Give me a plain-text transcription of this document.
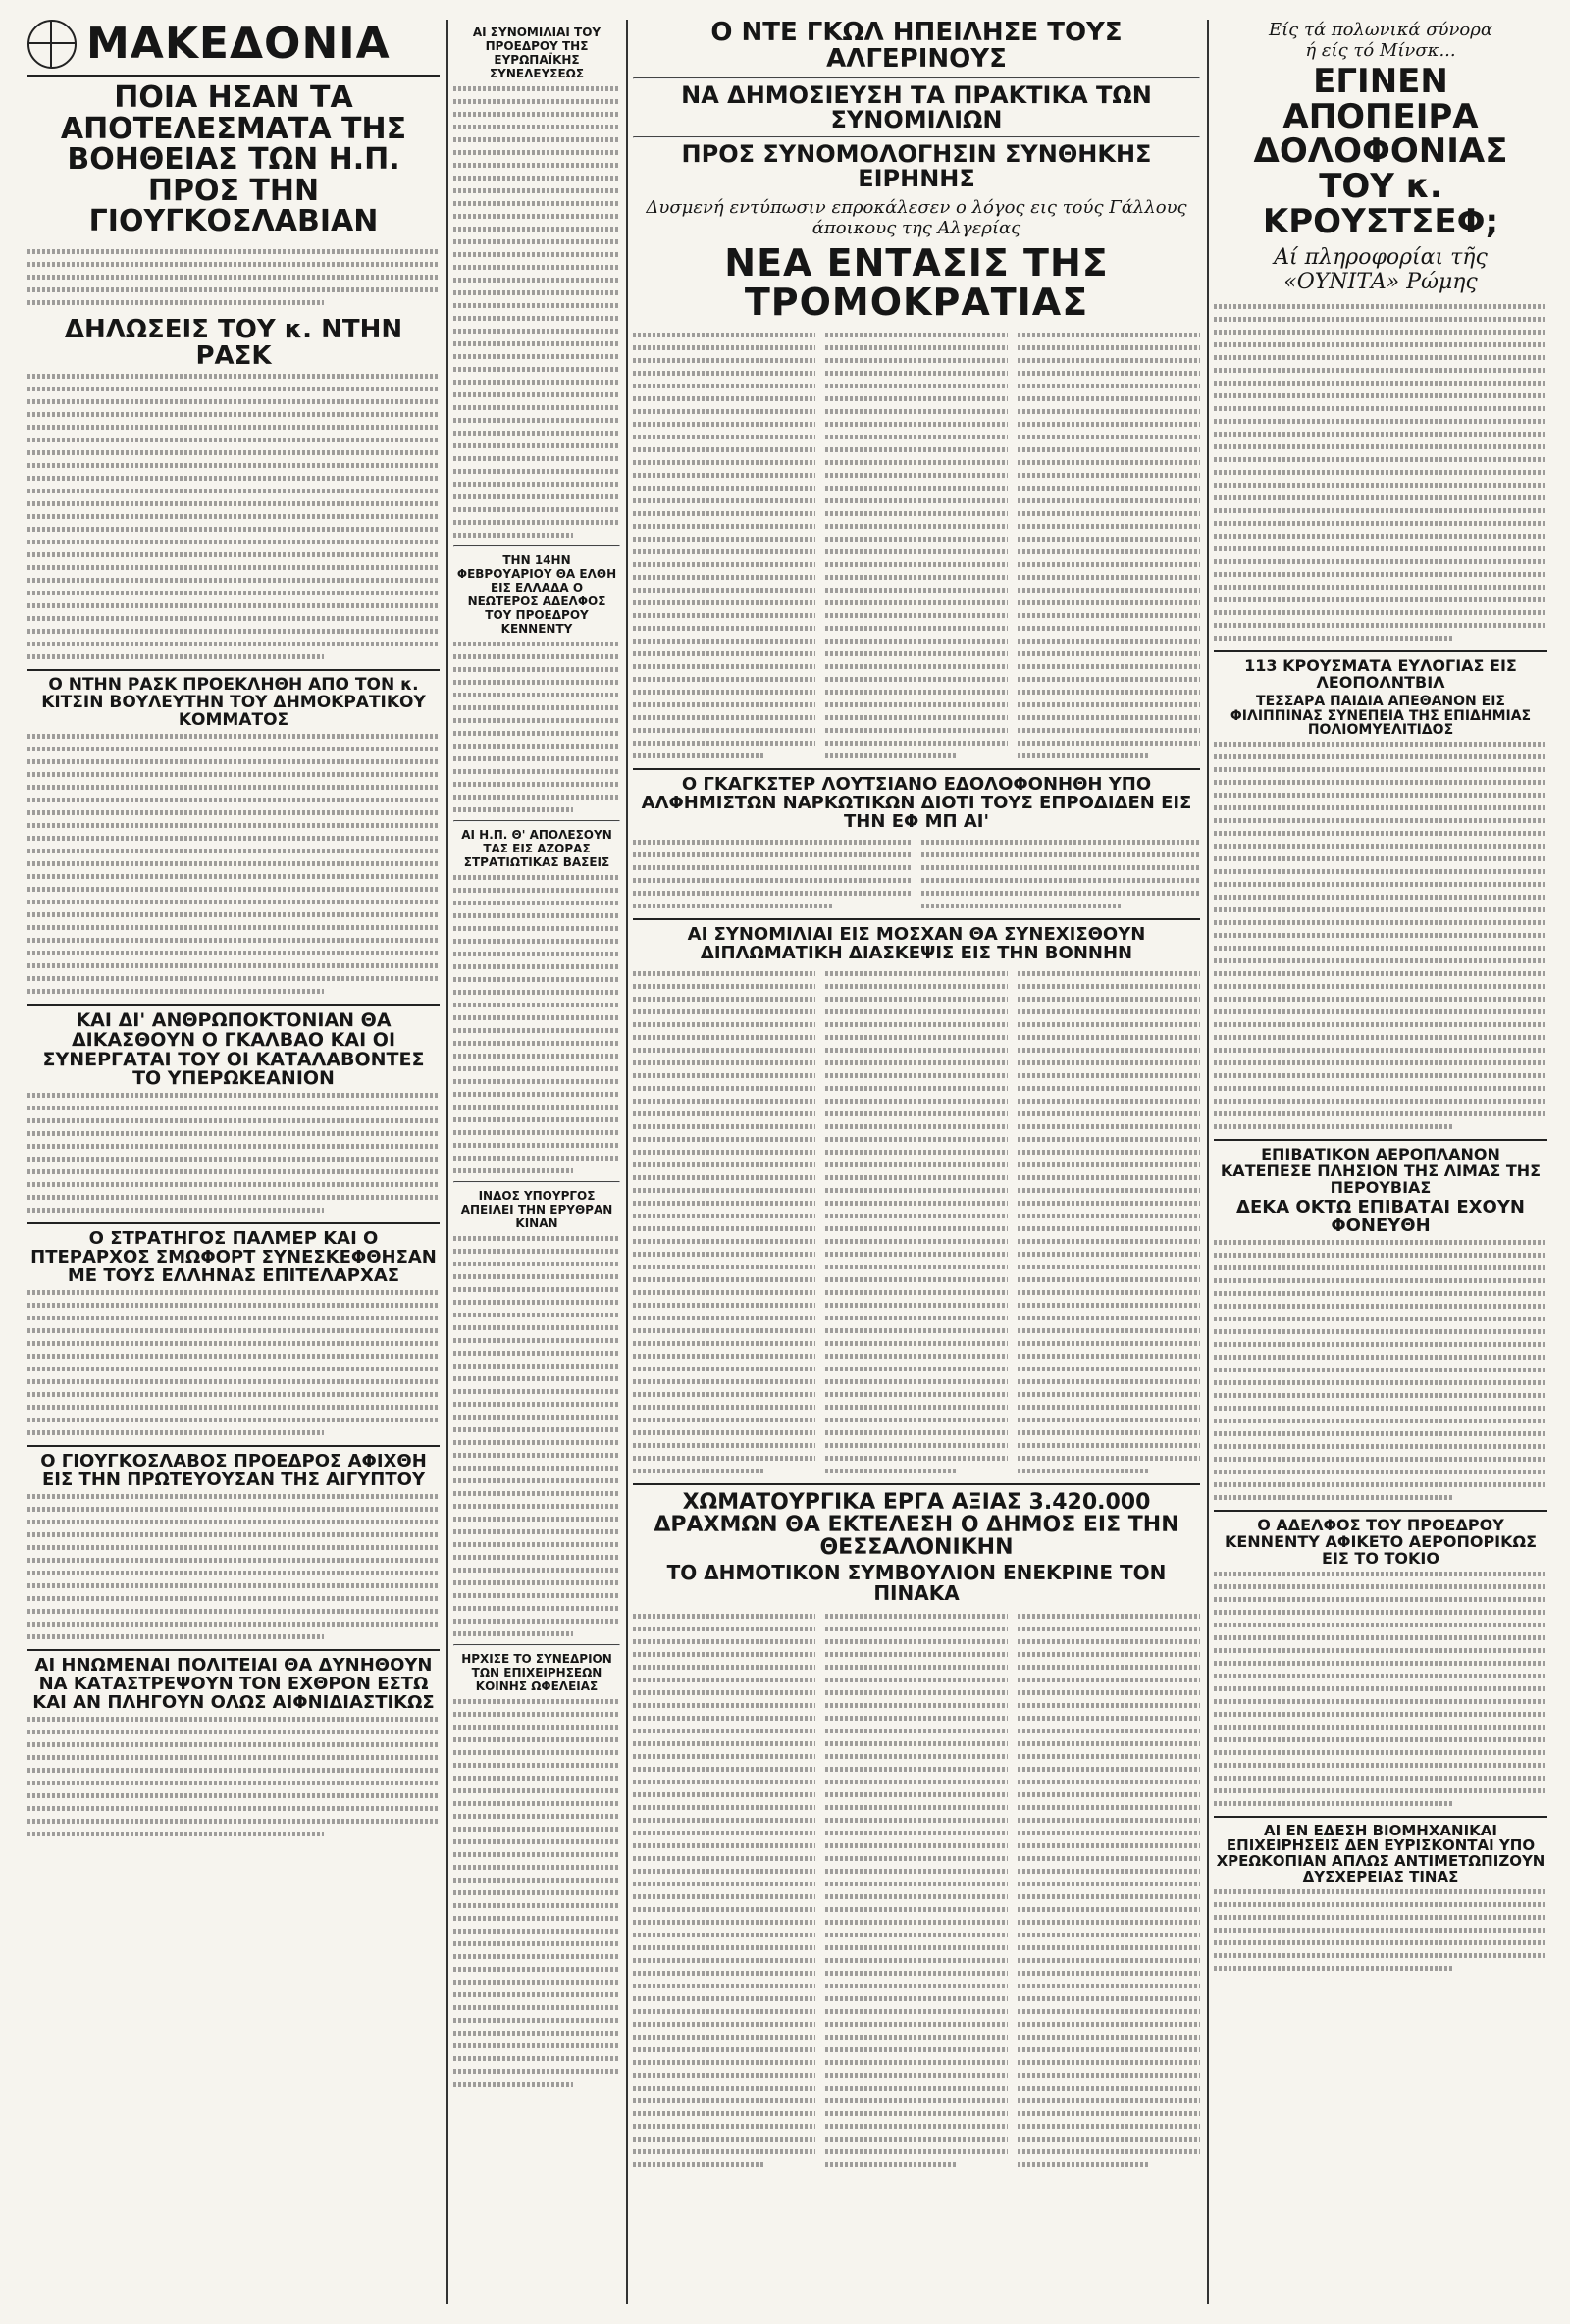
ΜΑΚΕΔΟΝΙΑ
ΠΟΙΑ ΗΣΑΝ ΤΑ ΑΠΟΤΕΛΕΣΜΑΤΑ ΤΗΣ ΒΟΗΘΕΙΑΣ ΤΩΝ Η.Π. ΠΡΟΣ ΤΗΝ ΓΙΟΥΓΚΟΣΛΑΒΙΑΝ
ΔΗΛΩΣΕΙΣ ΤΟΥ κ. ΝΤΗΝ ΡΑΣΚ
Ο ΝΤΗΝ ΡΑΣΚ ΠΡΟΕΚΛΗΘΗ ΑΠΟ ΤΟΝ κ. ΚΙΤΣΙΝ ΒΟΥΛΕΥΤΗΝ ΤΟΥ ΔΗΜΟΚΡΑΤΙΚΟΥ ΚΟΜΜΑΤΟΣ
ΚΑΙ ΔΙ' ΑΝΘΡΩΠΟΚΤΟΝΙΑΝ ΘΑ ΔΙΚΑΣΘΟΥΝ Ο ΓΚΑΛΒΑΟ ΚΑΙ ΟΙ ΣΥΝΕΡΓΑΤΑΙ ΤΟΥ ΟΙ ΚΑΤΑΛΑΒΟΝΤΕΣ ΤΟ ΥΠΕΡΩΚΕΑΝΙΟΝ
Ο ΣΤΡΑΤΗΓΟΣ ΠΑΛΜΕΡ ΚΑΙ Ο ΠΤΕΡΑΡΧΟΣ ΣΜΩΦΟΡΤ ΣΥΝΕΣΚΕΦΘΗΣΑΝ ΜΕ ΤΟΥΣ ΕΛΛΗΝΑΣ ΕΠΙΤΕΛΑΡΧΑΣ
Ο ΓΙΟΥΓΚΟΣΛΑΒΟΣ ΠΡΟΕΔΡΟΣ ΑΦΙΧΘΗ ΕΙΣ ΤΗΝ ΠΡΩΤΕΥΟΥΣΑΝ ΤΗΣ ΑΙΓΥΠΤΟΥ
ΑΙ ΗΝΩΜΕΝΑΙ ΠΟΛΙΤΕΙΑΙ ΘΑ ΔΥΝΗΘΟΥΝ ΝΑ ΚΑΤΑΣΤΡΕΨΟΥΝ ΤΟΝ ΕΧΘΡΟΝ ΕΣΤΩ ΚΑΙ ΑΝ ΠΛΗΓΟΥΝ ΟΛΩΣ ΑΙΦΝΙΔΙΑΣΤΙΚΩΣ
ΑΙ ΣΥΝΟΜΙΛΙΑΙ ΤΟΥ ΠΡΟΕΔΡΟΥ ΤΗΣ ΕΥΡΩΠΑΪΚΗΣ ΣΥΝΕΛΕΥΣΕΩΣ
ΤΗΝ 14ΗΝ ΦΕΒΡΟΥΑΡΙΟΥ ΘΑ ΕΛΘΗ ΕΙΣ ΕΛΛΑΔΑ Ο ΝΕΩΤΕΡΟΣ ΑΔΕΛΦΟΣ ΤΟΥ ΠΡΟΕΔΡΟΥ ΚΕΝΝΕΝΤΥ
ΑΙ Η.Π. Θ' ΑΠΟΛΕΣΟΥΝ ΤΑΣ ΕΙΣ ΑΖΟΡΑΣ ΣΤΡΑΤΙΩΤΙΚΑΣ ΒΑΣΕΙΣ
ΙΝΔΟΣ ΥΠΟΥΡΓΟΣ ΑΠΕΙΛΕΙ ΤΗΝ ΕΡΥΘΡΑΝ ΚΙΝΑΝ
ΗΡΧΙΣΕ ΤΟ ΣΥΝΕΔΡΙΟΝ ΤΩΝ ΕΠΙΧΕΙΡΗΣΕΩΝ ΚΟΙΝΗΣ ΩΦΕΛΕΙΑΣ
Ο ΝΤΕ ΓΚΩΛ ΗΠΕΙΛΗΣΕ ΤΟΥΣ ΑΛΓΕΡΙΝΟΥΣ
ΝΑ ΔΗΜΟΣΙΕΥΣΗ ΤΑ ΠΡΑΚΤΙΚΑ ΤΩΝ ΣΥΝΟΜΙΛΙΩΝ
ΠΡΟΣ ΣΥΝΟΜΟΛΟΓΗΣΙΝ ΣΥΝΘΗΚΗΣ ΕΙΡΗΝΗΣ

Δυσμενή εντύπωσιν επροκάλεσεν ο λόγος εις τούς Γάλλους άποικους της Αλγερίας

ΝΕΑ ΕΝΤΑΣΙΣ ΤΗΣ ΤΡΟΜΟΚΡΑΤΙΑΣ
Ο ΓΚΑΓΚΣΤΕΡ ΛΟΥΤΣΙΑΝΟ ΕΔΟΛΟΦΟΝΗΘΗ ΥΠΟ ΑΛΦΗΜΙΣΤΩΝ ΝΑΡΚΩΤΙΚΩΝ ΔΙΟΤΙ ΤΟΥΣ ΕΠΡΟΔΙΔΕΝ ΕΙΣ ΤΗΝ ΕΦ ΜΠ ΑΙ'
ΑΙ ΣΥΝΟΜΙΛΙΑΙ ΕΙΣ ΜΟΣΧΑΝ ΘΑ ΣΥΝΕΧΙΣΘΟΥΝ ΔΙΠΛΩΜΑΤΙΚΗ ΔΙΑΣΚΕΨΙΣ ΕΙΣ ΤΗΝ ΒΟΝΝΗΝ
ΧΩΜΑΤΟΥΡΓΙΚΑ ΕΡΓΑ ΑΞΙΑΣ 3.420.000 ΔΡΑΧΜΩΝ ΘΑ ΕΚΤΕΛΕΣΗ Ο ΔΗΜΟΣ ΕΙΣ ΤΗΝ ΘΕΣΣΑΛΟΝΙΚΗΝ
ΤΟ ΔΗΜΟΤΙΚΟΝ ΣΥΜΒΟΥΛΙΟΝ ΕΝΕΚΡΙΝΕ ΤΟΝ ΠΙΝΑΚΑ

Είς τά πολωνικά σύνορα

ή είς τό Μίνσκ...

ΕΓΙΝΕΝ ΑΠΟΠΕΙΡΑ ΔΟΛΟΦΟΝΙΑΣ ΤΟΥ κ. ΚΡΟΥΣΤΣΕΦ;

Αί πληροφορίαι τῆς «ΟΥΝΙΤΑ» Ρώμης

113 ΚΡΟΥΣΜΑΤΑ ΕΥΛΟΓΙΑΣ ΕΙΣ ΛΕΟΠΟΛΝΤΒΙΛ
ΤΕΣΣΑΡΑ ΠΑΙΔΙΑ ΑΠΕΘΑΝΟΝ ΕΙΣ ΦΙΛΙΠΠΙΝΑΣ ΣΥΝΕΠΕΙΑ ΤΗΣ ΕΠΙΔΗΜΙΑΣ ΠΟΛΙΟΜΥΕΛΙΤΙΔΟΣ
ΕΠΙΒΑΤΙΚΟΝ ΑΕΡΟΠΛΑΝΟΝ ΚΑΤΕΠΕΣΕ ΠΛΗΣΙΟΝ ΤΗΣ ΛΙΜΑΣ ΤΗΣ ΠΕΡΟΥΒΙΑΣ
ΔΕΚΑ ΟΚΤΩ ΕΠΙΒΑΤΑΙ ΕΧΟΥΝ ΦΟΝΕΥΘΗ
Ο ΑΔΕΛΦΟΣ ΤΟΥ ΠΡΟΕΔΡΟΥ ΚΕΝΝΕΝΤΥ ΑΦΙΚΕΤΟ ΑΕΡΟΠΟΡΙΚΩΣ ΕΙΣ ΤΟ ΤΟΚΙΟ
ΑΙ ΕΝ ΕΔΕΣΗ ΒΙΟΜΗΧΑΝΙΚΑΙ ΕΠΙΧΕΙΡΗΣΕΙΣ ΔΕΝ ΕΥΡΙΣΚΟΝΤΑΙ ΥΠΟ ΧΡΕΩΚΟΠΙΑΝ ΑΠΛΩΣ ΑΝΤΙΜΕΤΩΠΙΖΟΥΝ ΔΥΣΧΕΡΕΙΑΣ ΤΙΝΑΣ
